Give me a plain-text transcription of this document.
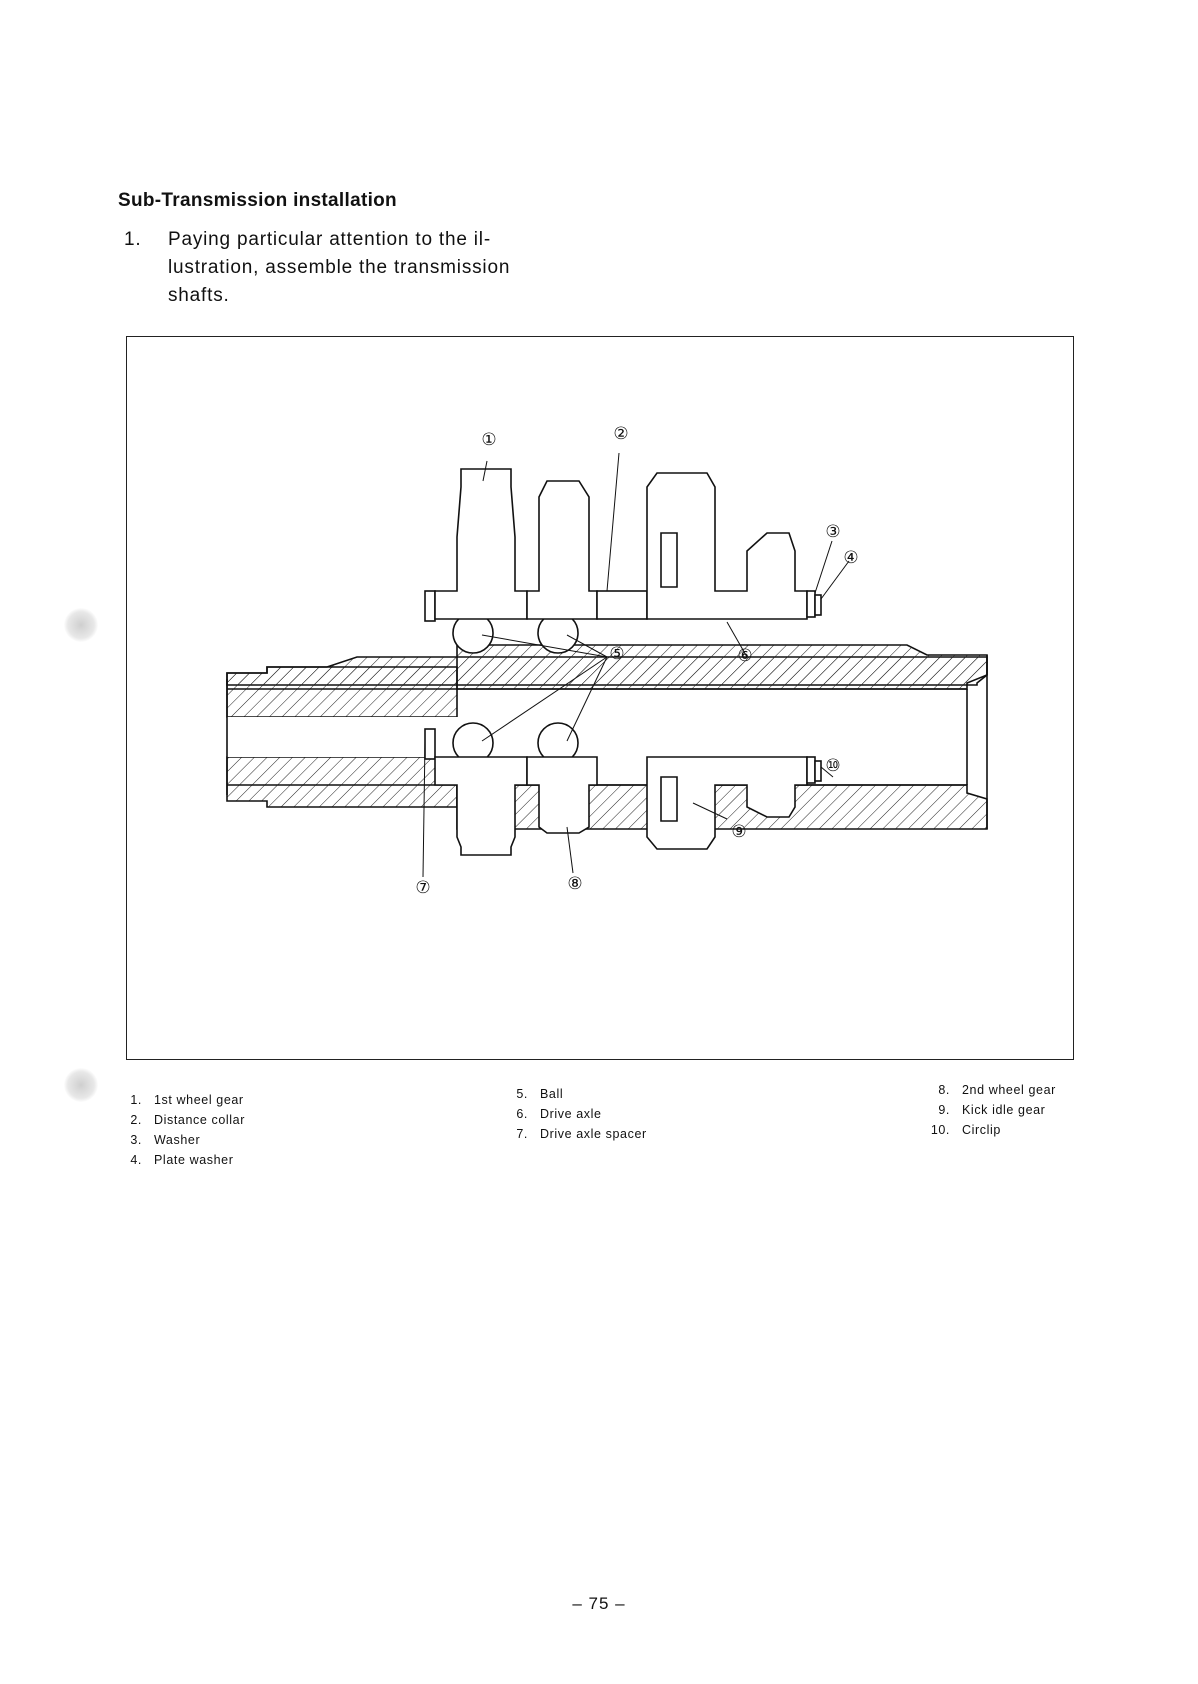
Sub-Transmission installation
1. Paying particular attention to the il-
lustration, assemble the transmission
shafts.
①	②
③
④
⑤	⑥
⑦	⑧
⑨
⑩
1. 1st wheel gear
2. Distance collar
3. Washer
4. Plate washer
5. Ball
6. Drive axle
7. Drive axle spacer
8. 2nd wheel gear
9. Kick idle gear
10. Circlip
– 75 –
